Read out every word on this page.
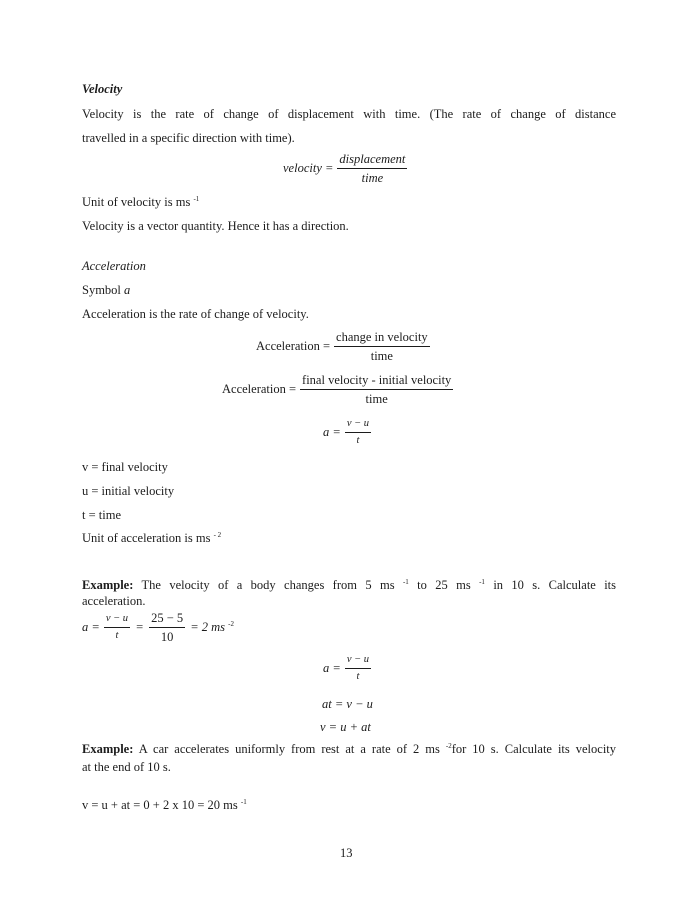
Velocity
Velocity is the rate of change of displacement with time. (The rate of change of distance
travelled in a specific direction with time).
velocity = $\frac{\text{displacement}}{\text{time}}$
Unit of velocity is ms $^{-1}$
Velocity is a vector quantity. Hence it has a direction.
Acceleration
Symbol a
Acceleration is the rate of change of velocity.
Acceleration = $\frac{\text{change in velocity}}{\text{time}}$
Acceleration = $\frac{\text{final velocity - initial velocity}}{\text{time}}$
$a = \frac{v - u}{t}$
v = final velocity
u = initial velocity
t = time
Unit of acceleration is ms $^{- 2}$
Example: The velocity of a body changes from 5 ms $^{-1}$ to 25 ms $^{-1}$ in 10 s. Calculate its
acceleration.
$a = \frac{v - u}{t} = \frac{25 - 5}{10} = 2$ ms $^{-2}$
$a = \frac{v - u}{t}$
at = v − u
v = u + at
Example: A car accelerates uniformly from rest at a rate of 2 ms $^{-2}$for 10 s. Calculate its velocity
at the end of 10 s.
v = u + at = 0 + 2 x 10 = 20 ms $^{-1}$
13
